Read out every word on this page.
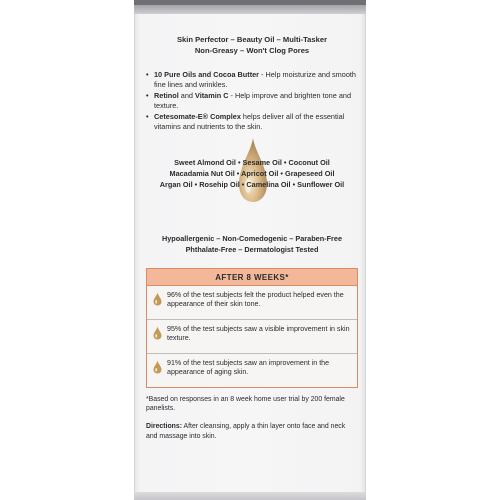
Skin Perfector – Beauty Oil – Multi-Tasker
Non-Greasy – Won't Clog Pores
• 10 Pure Oils and Cocoa Butter - Help moisturize and smooth fine lines and wrinkles.
• Retinol and Vitamin C - Help improve and brighten tone and texture.
• Cetesomate-E® Complex helps deliver all of the essential vitamins and nutrients to the skin.
Sweet Almond Oil • Sesame Oil • Coconut Oil
Macadamia Nut Oil • Apricot Oil • Grapeseed Oil
Argan Oil • Rosehip Oil • Camelina Oil • Sunflower Oil
Hypoallergenic – Non-Comedogenic – Paraben-Free
Phthalate-Free – Dermatologist Tested
AFTER 8 WEEKS*
96% of the test subjects felt the product helped even the appearance of their skin tone.
95% of the test subjects saw a visible improvement in skin texture.
91% of the test subjects saw an improvement in the appearance of aging skin.
*Based on responses in an 8 week home user trial by 200 female panelists.
Directions: After cleansing, apply a thin layer onto face and neck and massage into skin.
